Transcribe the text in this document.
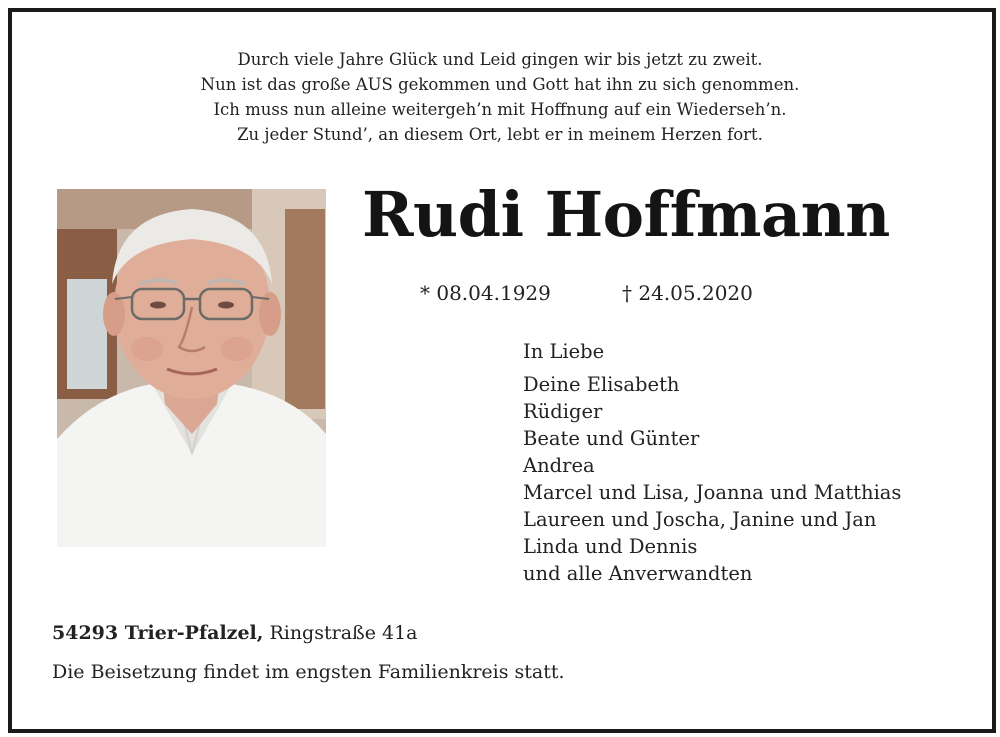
Durch viele Jahre Glück und Leid gingen wir bis jetzt zu zweit.
Nun ist das große AUS gekommen und Gott hat ihn zu sich genommen.
Ich muss nun alleine weitergeh’n mit Hoffnung auf ein Wiederseh’n.
Zu jeder Stund’, an diesem Ort, lebt er in meinem Herzen fort.
Rudi Hoffmann
* 08.04.1929	† 24.05.2020
In Liebe
Deine Elisabeth
Rüdiger
Beate und Günter
Andrea
Marcel und Lisa, Joanna und Matthias
Laureen und Joscha, Janine und Jan
Linda und Dennis
und alle Anverwandten
54293 Trier-Pfalzel, Ringstraße 41a
Die Beisetzung findet im engsten Familienkreis statt.
